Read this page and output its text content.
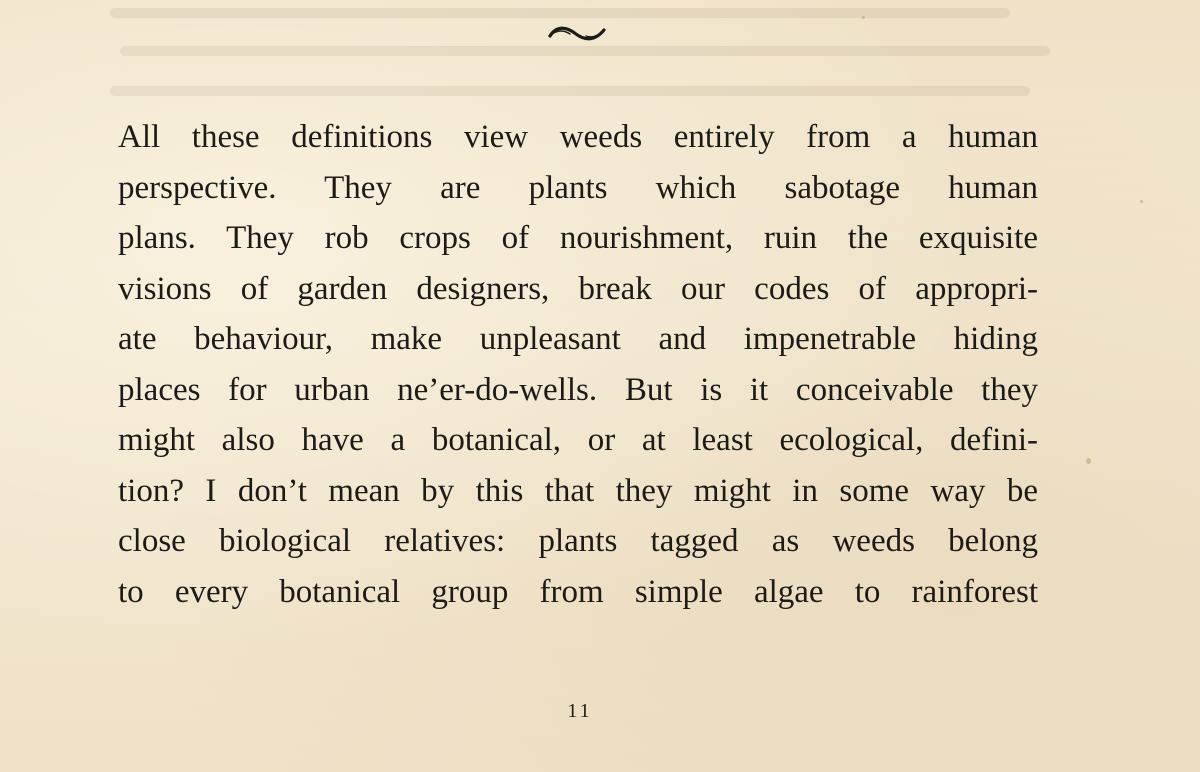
All these definitions view weeds entirely from a human
perspective. They are plants which sabotage human
plans. They rob crops of nourishment, ruin the exquisite
visions of garden designers, break our codes of appropri-
ate behaviour, make unpleasant and impenetrable hiding
places for urban ne’er-do-wells. But is it conceivable they
might also have a botanical, or at least ecological, defini-
tion? I don’t mean by this that they might in some way be
close biological relatives: plants tagged as weeds belong
to every botanical group from simple algae to rainforest
11
